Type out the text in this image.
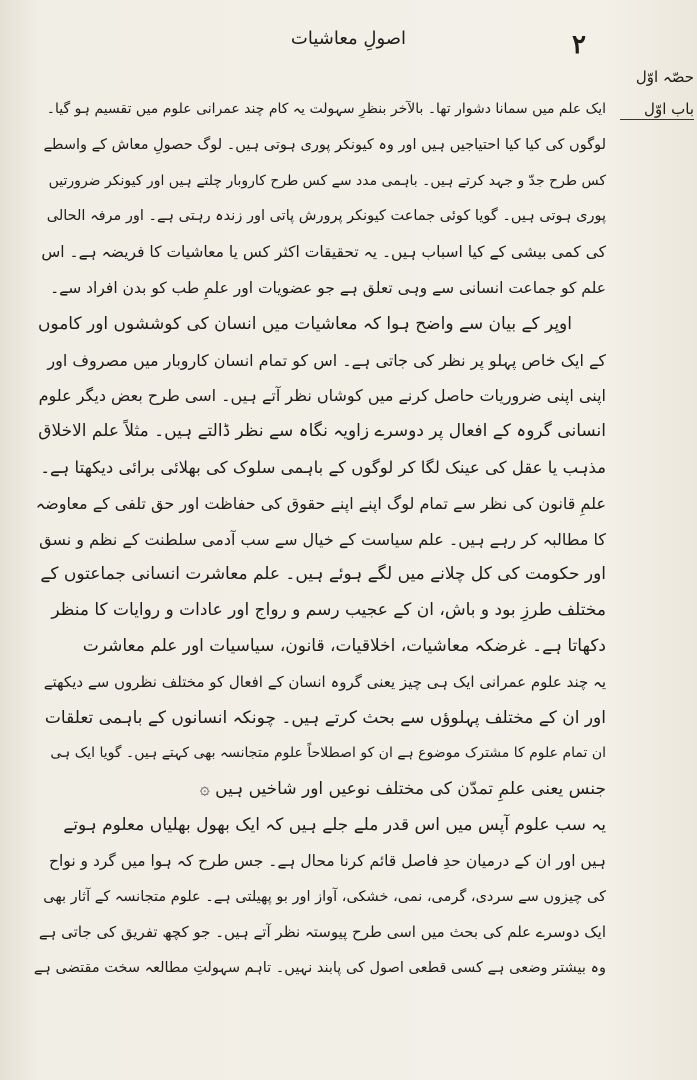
اصولِ معاشیات	۲
حصّہ اوّل
باب اوّل
ایک علم میں سمانا دشوار تھا۔ بالآخر بنظرِ سہولت یہ کام چند عمرانی علوم میں تقسیم ہو گیا۔
لوگوں کی کیا کیا احتیاجیں ہیں اور وہ کیونکر پوری ہوتی ہیں۔ لوگ حصولِ معاش کے واسطے
کس طرح جدّ و جہد کرتے ہیں۔ باہمی مدد سے کس طرح کاروبار چلتے ہیں اور کیونکر ضرورتیں
پوری ہوتی ہیں۔ گویا کوئی جماعت کیونکر پرورش پاتی اور زندہ رہتی ہے۔ اور مرفہ الحالی
کی کمی بیشی کے کیا اسباب ہیں۔ یہ تحقیقات اکثر کس یا معاشیات کا فریضہ ہے۔ اس
علم کو جماعت انسانی سے وہی تعلق ہے جو عضویات اور علمِ طب کو بدن افراد سے۔
اوپر کے بیان سے واضح ہوا کہ معاشیات میں انسان کی کوششوں اور کاموں
کے ایک خاص پہلو پر نظر کی جاتی ہے۔ اس کو تمام انسان کاروبار میں مصروف اور
اپنی اپنی ضروریات حاصل کرنے میں کوشاں نظر آتے ہیں۔ اسی طرح بعض دیگر علوم
انسانی گروہ کے افعال پر دوسرے زاویہ نگاہ سے نظر ڈالتے ہیں۔ مثلاً علم الاخلاق
مذہب یا عقل کی عینک لگا کر لوگوں کے باہمی سلوک کی بھلائی برائی دیکھتا ہے۔
علمِ قانون کی نظر سے تمام لوگ اپنے اپنے حقوق کی حفاظت اور حق تلفی کے معاوضہ
کا مطالبہ کر رہے ہیں۔ علم سیاست کے خیال سے سب آدمی سلطنت کے نظم و نسق
اور حکومت کی کل چلانے میں لگے ہوئے ہیں۔ علم معاشرت انسانی جماعتوں کے
مختلف طرزِ بود و باش، ان کے عجیب رسم و رواج اور عادات و روایات کا منظر
دکھاتا ہے۔ غرضکہ معاشیات، اخلاقیات، قانون، سیاسیات اور علم معاشرت
یہ چند علوم عمرانی ایک ہی چیز یعنی گروہ انسان کے افعال کو مختلف نظروں سے دیکھتے
اور ان کے مختلف پہلوؤں سے بحث کرتے ہیں۔ چونکہ انسانوں کے باہمی تعلقات
ان تمام علوم کا مشترک موضوع ہے ان کو اصطلاحاً علوم متجانسہ بھی کہتے ہیں۔ گویا ایک ہی
جنس یعنی علمِ تمدّن کی مختلف نوعیں اور شاخیں ہیں ۞
یہ سب علوم آپس میں اس قدر ملے جلے ہیں کہ ایک بھول بھلیاں معلوم ہوتے
ہیں اور ان کے درمیان حدِ فاصل قائم کرنا محال ہے۔ جس طرح کہ ہوا میں گرد و نواح
کی چیزوں سے سردی، گرمی، نمی، خشکی، آواز اور بو پھیلتی ہے۔ علوم متجانسہ کے آثار بھی
ایک دوسرے علم کی بحث میں اسی طرح پیوستہ نظر آتے ہیں۔ جو کچھ تفریق کی جاتی ہے
وہ بیشتر وضعی ہے کسی قطعی اصول کی پابند نہیں۔ تاہم سہولتِ مطالعہ سخت مقتضی ہے
